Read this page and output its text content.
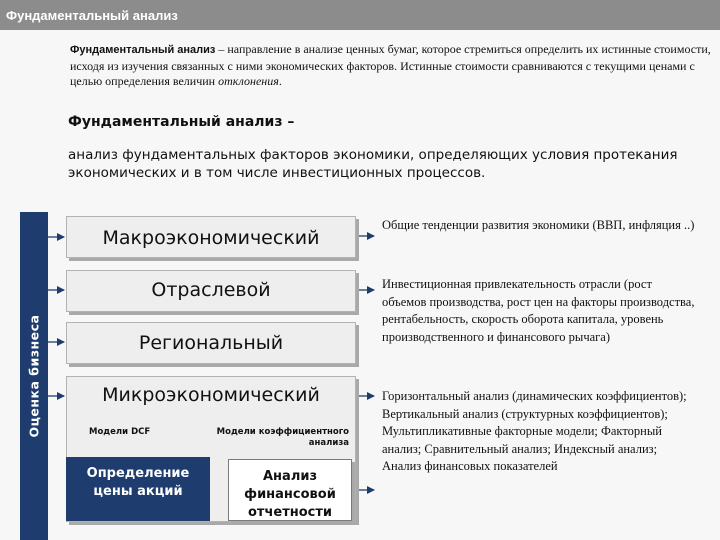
Фундаментальный анализ
Фундаментальный анализ – направление в анализе ценных бумаг, которое стремиться определить их истинные стоимости, исходя из изучения связанных с ними экономических факторов. Истинные стоимости сравниваются с текущими ценами с целью определения величин отклонения.
Фундаментальный анализ –
анализ фундаментальных факторов экономики, определяющих условия протекания экономических и в том числе инвестиционных процессов.
Оценка бизнеса
Макроэкономический
Отраслевой
Региональный
Микроэкономический
Модели DCF	Модели коэффициентного
анализа
Определение цены акций
Анализ финансовой отчетности
Общие тенденции развития экономики (ВВП, инфляция ..)
Инвестиционная привлекательность отрасли (рост объемов производства, рост цен на факторы производства, рентабельность, скорость оборота капитала, уровень производственного и финансового рычага)
Горизонтальный анализ (динамических коэффициентов); Вертикальный анализ (структурных коэффициентов); Мультипликативные факторные модели; Факторный анализ; Сравнительный анализ; Индексный анализ; Анализ финансовых показателей
